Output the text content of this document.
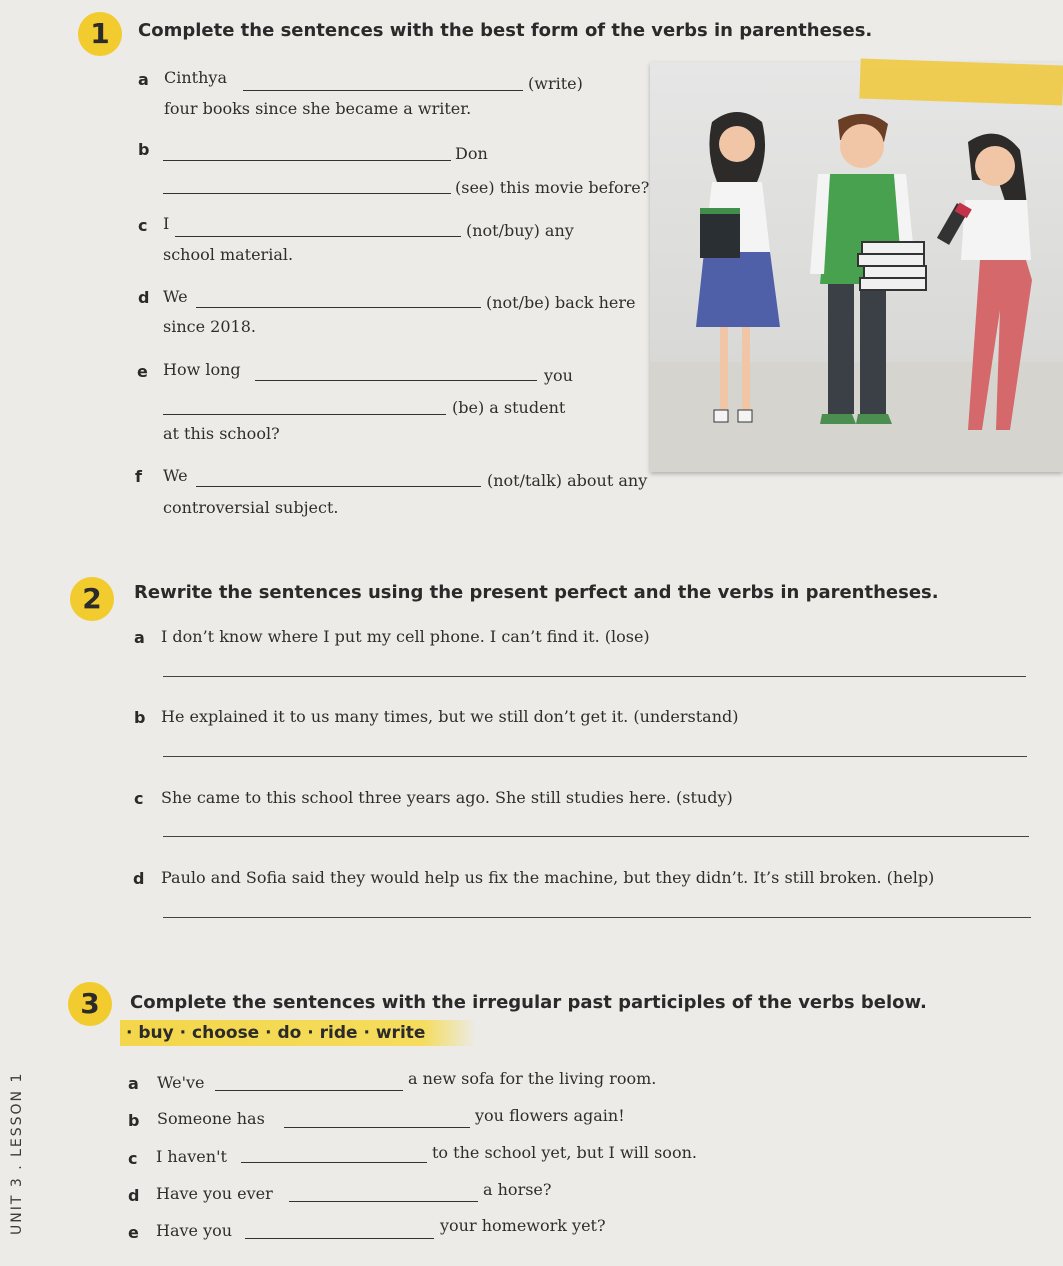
1	Complete the sentences with the best form of the verbs in parentheses.
a Cinthya	(write)
four books since she became a writer.
b	Don
(see) this movie before?
c I	(not/buy) any
school material.
d We	(not/be) back here
since 2018.
e How long	you
(be) a student
at this school?
f We	(not/talk) about any
controversial subject.
2	Rewrite the sentences using the present perfect and the verbs in parentheses.
a I don’t know where I put my cell phone. I can’t find it. (lose)
b He explained it to us many times, but we still don’t get it. (understand)
c She came to this school three years ago. She still studies here. (study)
d Paulo and Sofia said they would help us fix the machine, but they didn’t. It’s still broken. (help)
3	Complete the sentences with the irregular past participles of the verbs below.
· buy · choose · do · ride · write
a We've	a new sofa for the living room.
b Someone has	you flowers again!
c I haven't	to the school yet, but I will soon.
d Have you ever	a horse?
e Have you	your homework yet?
UNIT 3 . LESSON 1
